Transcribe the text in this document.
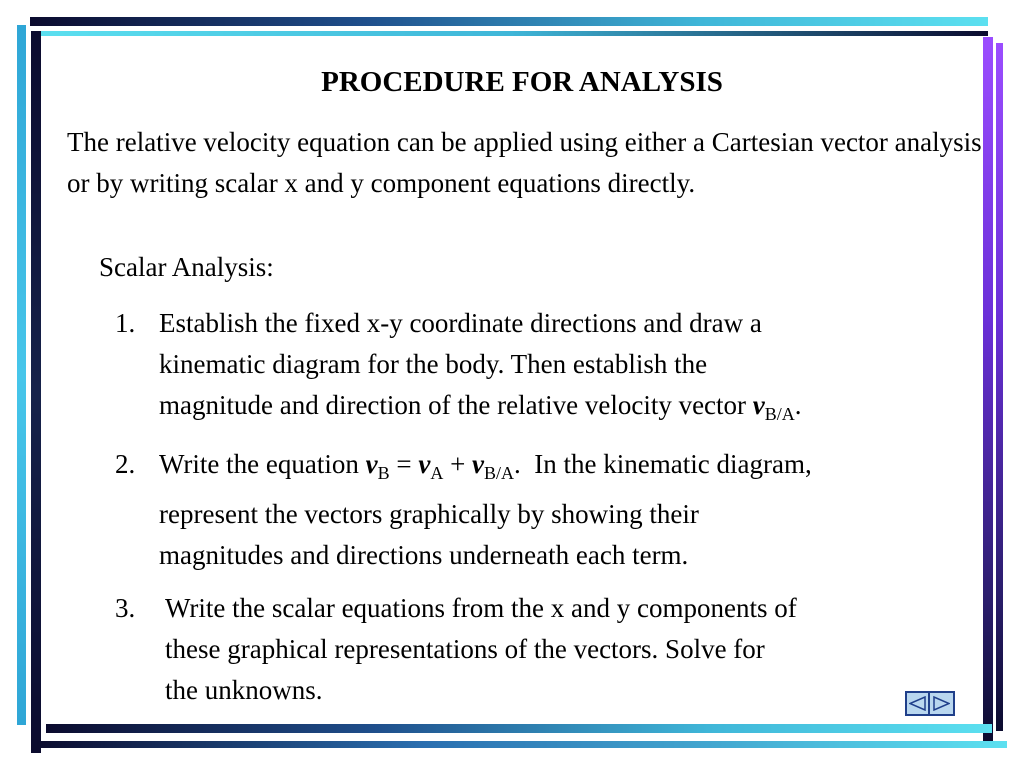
PROCEDURE FOR ANALYSIS
The relative velocity equation can be applied using either a Cartesian vector analysis or by writing scalar x and y component equations directly.
Scalar Analysis:
1. Establish the fixed x-y coordinate directions and draw a
kinematic diagram for the body. Then establish the
magnitude and direction of the relative velocity vector $v_{B/A}$.
2. Write the equation $v_B = v_A + v_{B/A}$.  In the kinematic diagram,
represent the vectors graphically by showing their
magnitudes and directions underneath each term.
3. Write the scalar equations from the x and y components of
these graphical representations of the vectors. Solve for
the unknowns.
